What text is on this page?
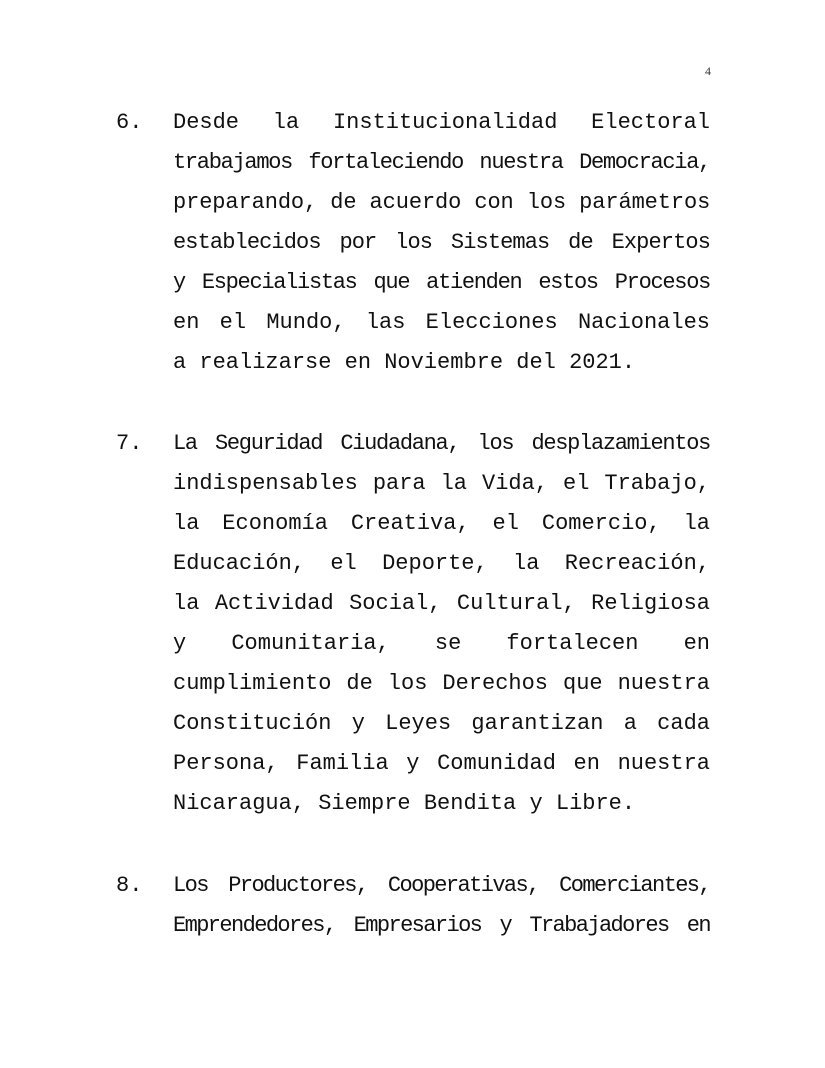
4
6. Desde la Institucionalidad Electoral
trabajamos fortaleciendo nuestra Democracia,
preparando, de acuerdo con los parámetros
establecidos por los Sistemas de Expertos
y Especialistas que atienden estos Procesos
en el Mundo, las Elecciones Nacionales
a realizarse en Noviembre del 2021.
7. La Seguridad Ciudadana, los desplazamientos
indispensables para la Vida, el Trabajo,
la Economía Creativa, el Comercio, la
Educación, el Deporte, la Recreación,
la Actividad Social, Cultural, Religiosa
y Comunitaria, se fortalecen en
cumplimiento de los Derechos que nuestra
Constitución y Leyes garantizan a cada
Persona, Familia y Comunidad en nuestra
Nicaragua, Siempre Bendita y Libre.
8. Los Productores, Cooperativas, Comerciantes,
Emprendedores, Empresarios y Trabajadores en
